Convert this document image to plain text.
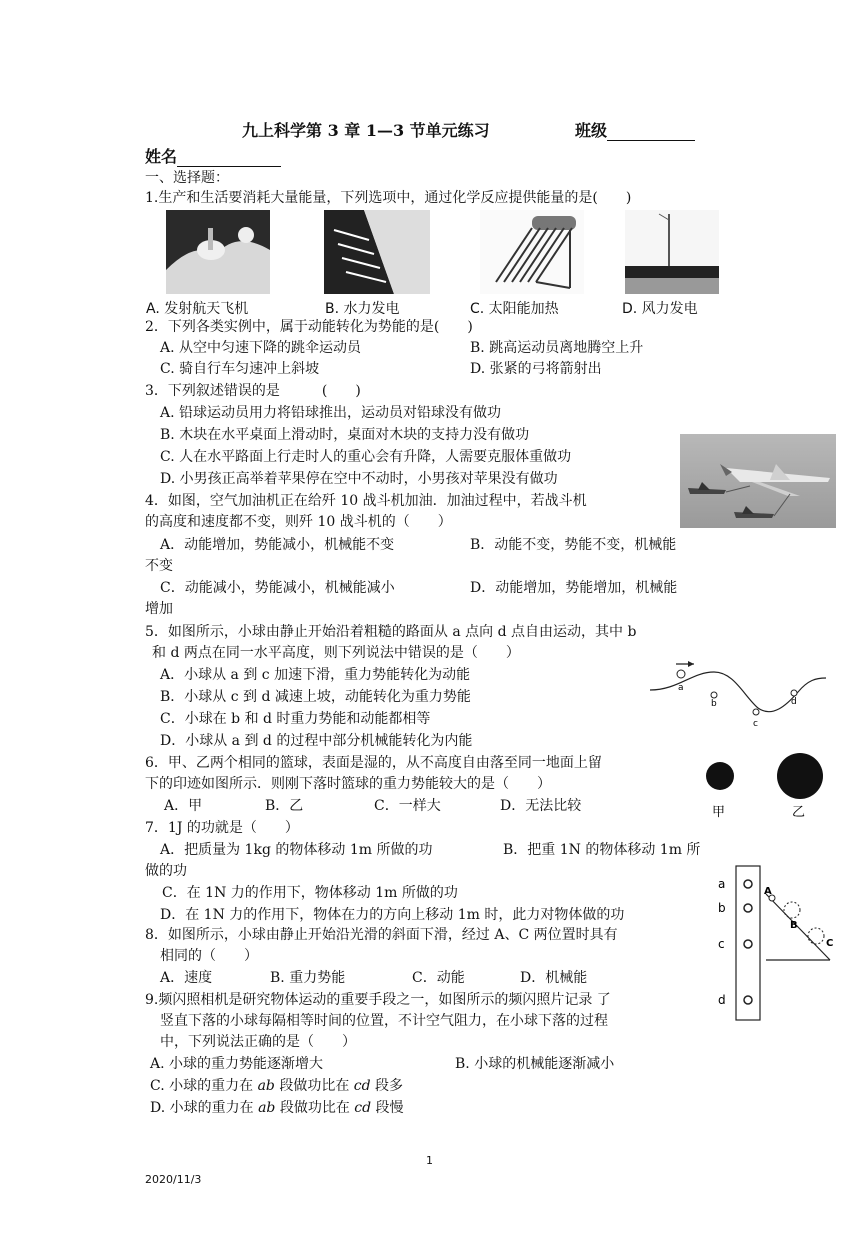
九上科学第 3 章 1—3 节单元练习	班级
姓名
一、选择题：
1.生产和生活要消耗大量能量，下列选项中，通过化学反应提供能量的是(　　)
A. 发射航天飞机	B. 水力发电	C. 太阳能加热	D. 风力发电
2．下列各类实例中，属于动能转化为势能的是(　　)
A. 从空中匀速下降的跳伞运动员	B. 跳高运动员离地腾空上升
C. 骑自行车匀速冲上斜坡	D. 张紧的弓将箭射出
3．下列叙述错误的是　　　(　　)
A. 铅球运动员用力将铅球推出，运动员对铅球没有做功
B. 木块在水平桌面上滑动时，桌面对木块的支持力没有做功
C. 人在水平路面上行走时人的重心会有升降，人需要克服体重做功
D. 小男孩正高举着苹果停在空中不动时，小男孩对苹果没有做功
4．如图，空气加油机正在给歼 10 战斗机加油．加油过程中，若战斗机
的高度和速度都不变，则歼 10 战斗机的（　　）
A．动能增加，势能减小，机械能不变	B．动能不变，势能不变，机械能
不变
C．动能减小，势能减小，机械能减小	D．动能增加，势能增加，机械能
增加
5．如图所示，小球由静止开始沿着粗糙的路面从 a 点向 d 点自由运动，其中 b
和 d 两点在同一水平高度，则下列说法中错误的是（　　）
A．小球从 a 到 c 加速下滑，重力势能转化为动能
B．小球从 c 到 d 减速上坡，动能转化为重力势能
C．小球在 b 和 d 时重力势能和动能都相等
D．小球从 a 到 d 的过程中部分机械能转化为内能
a
b
c
d
6．甲、乙两个相同的篮球，表面是湿的，从不高度自由落至同一地面上留
下的印迹如图所示．则刚下落时篮球的重力势能较大的是（　　）
A．甲	B．乙	C．一样大	D．无法比较	甲	乙
7．1J 的功就是（　　）
A．把质量为 1kg 的物体移动 1m 所做的功	B．把重 1N 的物体移动 1m 所
做的功
C．在 1N 力的作用下，物体移动 1m 所做的功
D．在 1N 力的作用下，物体在力的方向上移动 1m 时，此力对物体做的功
a
b
c
d
A
B
C
8．如图所示，小球由静止开始沿光滑的斜面下滑，经过 A、C 两位置时具有
相同的（　　）
A．速度	B. 重力势能	C．动能	D．机械能
9.频闪照相机是研究物体运动的重要手段之一，如图所示的频闪照片记录 了
竖直下落的小球每隔相等时间的位置，不计空气阻力，在小球下落的过程
中，下列说法正确的是（　　）
A. 小球的重力势能逐渐增大	B. 小球的机械能逐渐减小
C. 小球的重力在 ab 段做功比在 cd 段多
D. 小球的重力在 ab 段做功比在 cd 段慢
1
2020/11/3
